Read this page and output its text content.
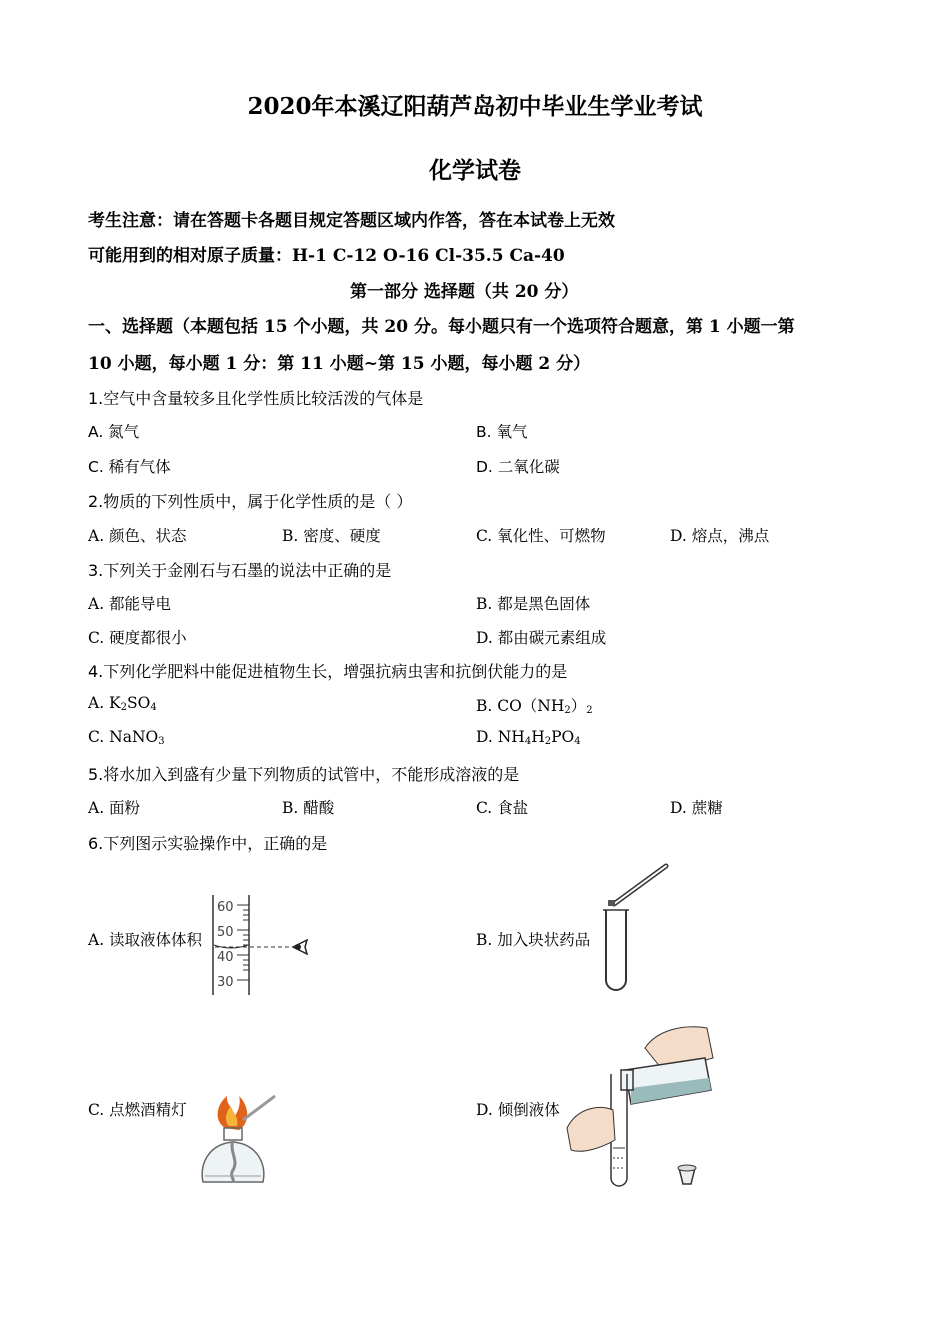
2020年本溪辽阳葫芦岛初中毕业生学业考试
化学试卷
考生注意：请在答题卡各题目规定答题区域内作答，答在本试卷上无效
可能用到的相对原子质量：H-1 C-12 O-16 Cl-35.5 Ca-40
第一部分 选择题（共 20 分）
一、选择题（本题包括 15 个小题，共 20 分。每小题只有一个选项符合题意，第 1 小题一第
10 小题，每小题 1 分：第 11 小题~第 15 小题，每小题 2 分）
1.空气中含量较多且化学性质比较活泼的气体是
A. 氮气	B. 氧气
C. 稀有气体	D. 二氧化碳
2.物质的下列性质中，属于化学性质的是（ ）
A. 颜色、状态	B. 密度、硬度	C. 氧化性、可燃物	D. 熔点，沸点
3.下列关于金刚石与石墨的说法中正确的是
A. 都能导电	B. 都是黑色固体
C. 硬度都很小	D. 都由碳元素组成
4.下列化学肥料中能促进植物生长，增强抗病虫害和抗倒伏能力的是
A. $K_2SO_4$	B. $CO(NH_2)_2$
C. NaNO$_3$	D. $NH_4H_2PO_4$
5.将水加入到盛有少量下列物质的试管中，不能形成溶液的是
A. 面粉	B. 醋酸	C. 食盐	D. 蔗糖
6.下列图示实验操作中，正确的是
A. 读取液体体积	B. 加入块状药品
C. 点燃酒精灯	D. 倾倒液体
60
50
40
30
